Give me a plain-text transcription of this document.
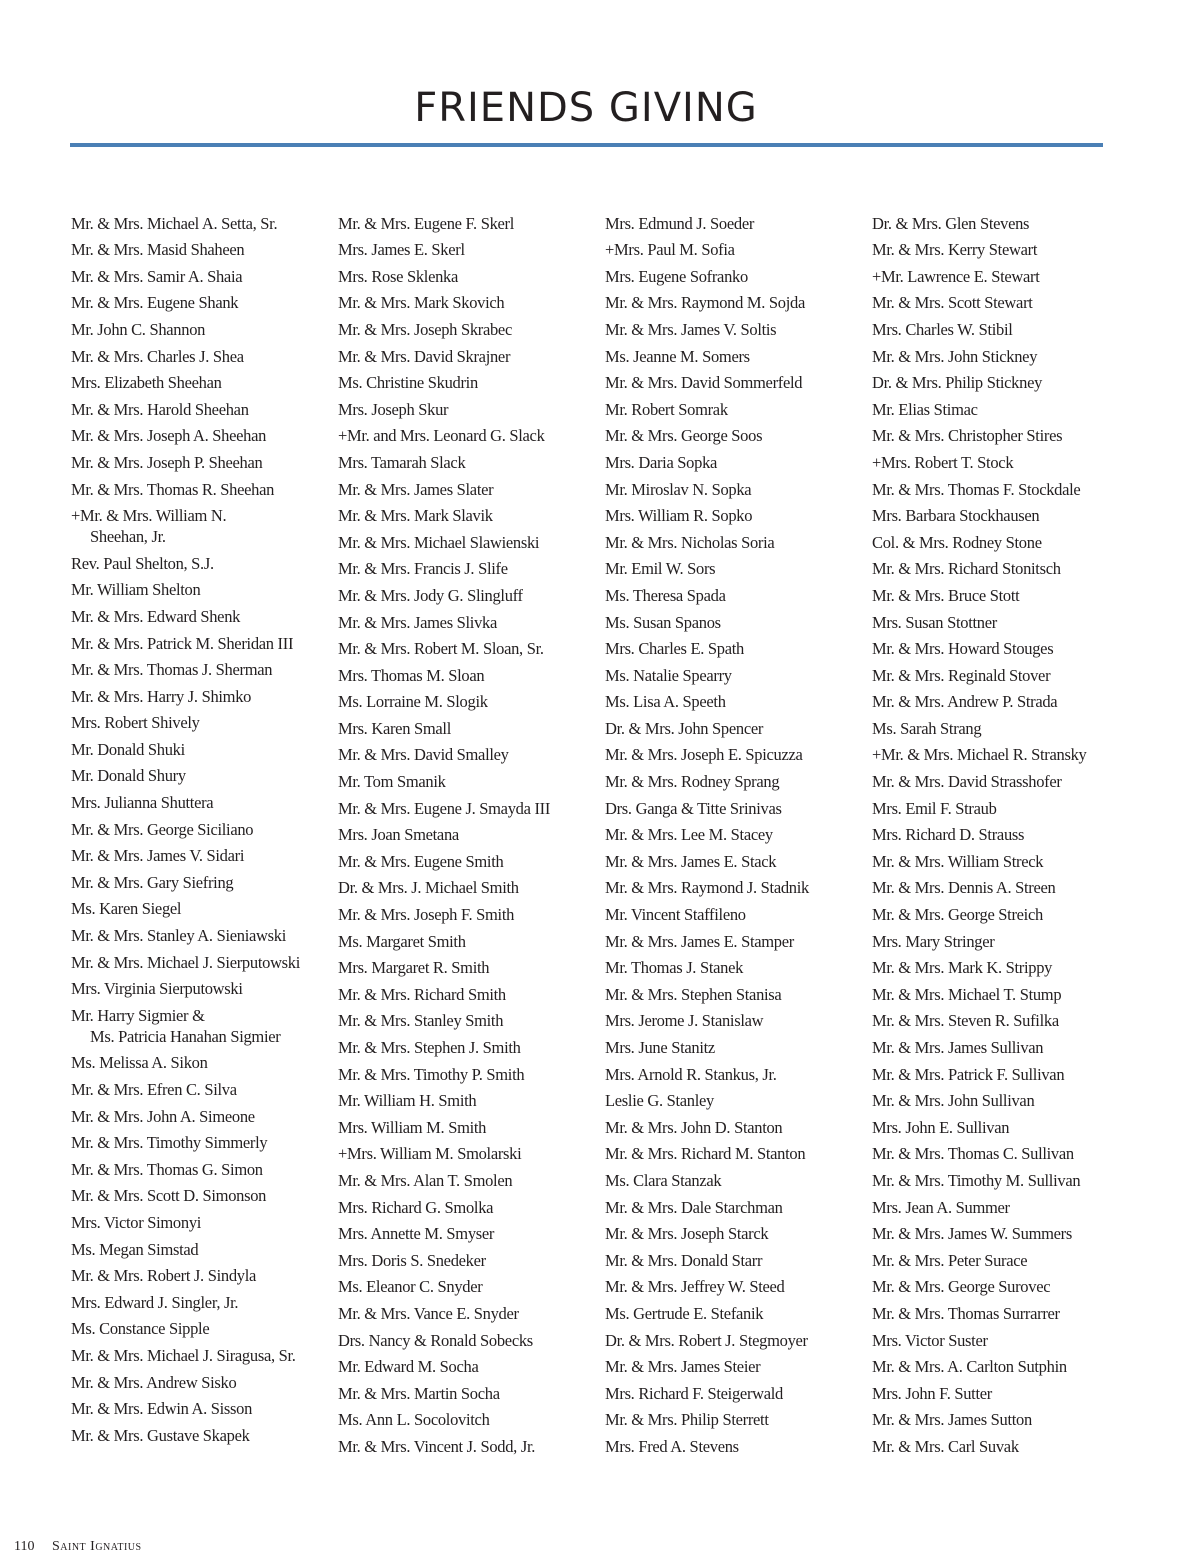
FRIENDS GIVING
Mr. & Mrs. Michael A. Setta, Sr.
Mr. & Mrs. Masid Shaheen
Mr. & Mrs. Samir A. Shaia
Mr. & Mrs. Eugene Shank
Mr. John C. Shannon
Mr. & Mrs. Charles J. Shea
Mrs. Elizabeth Sheehan
Mr. & Mrs. Harold Sheehan
Mr. & Mrs. Joseph A. Sheehan
Mr. & Mrs. Joseph P. Sheehan
Mr. & Mrs. Thomas R. Sheehan
+Mr. & Mrs. William N.
Sheehan, Jr.
Rev. Paul Shelton, S.J.
Mr. William Shelton
Mr. & Mrs. Edward Shenk
Mr. & Mrs. Patrick M. Sheridan III
Mr. & Mrs. Thomas J. Sherman
Mr. & Mrs. Harry J. Shimko
Mrs. Robert Shively
Mr. Donald Shuki
Mr. Donald Shury
Mrs. Julianna Shuttera
Mr. & Mrs. George Siciliano
Mr. & Mrs. James V. Sidari
Mr. & Mrs. Gary Siefring
Ms. Karen Siegel
Mr. & Mrs. Stanley A. Sieniawski
Mr. & Mrs. Michael J. Sierputowski
Mrs. Virginia Sierputowski
Mr. Harry Sigmier &
Ms. Patricia Hanahan Sigmier
Ms. Melissa A. Sikon
Mr. & Mrs. Efren C. Silva
Mr. & Mrs. John A. Simeone
Mr. & Mrs. Timothy Simmerly
Mr. & Mrs. Thomas G. Simon
Mr. & Mrs. Scott D. Simonson
Mrs. Victor Simonyi
Ms. Megan Simstad
Mr. & Mrs. Robert J. Sindyla
Mrs. Edward J. Singler, Jr.
Ms. Constance Sipple
Mr. & Mrs. Michael J. Siragusa, Sr.
Mr. & Mrs. Andrew Sisko
Mr. & Mrs. Edwin A. Sisson
Mr. & Mrs. Gustave Skapek
Mr. & Mrs. Eugene F. Skerl
Mrs. James E. Skerl
Mrs. Rose Sklenka
Mr. & Mrs. Mark Skovich
Mr. & Mrs. Joseph Skrabec
Mr. & Mrs. David Skrajner
Ms. Christine Skudrin
Mrs. Joseph Skur
+Mr. and Mrs. Leonard G. Slack
Mrs. Tamarah Slack
Mr. & Mrs. James Slater
Mr. & Mrs. Mark Slavik
Mr. & Mrs. Michael Slawienski
Mr. & Mrs. Francis J. Slife
Mr. & Mrs. Jody G. Slingluff
Mr. & Mrs. James Slivka
Mr. & Mrs. Robert M. Sloan, Sr.
Mrs. Thomas M. Sloan
Ms. Lorraine M. Slogik
Mrs. Karen Small
Mr. & Mrs. David Smalley
Mr. Tom Smanik
Mr. & Mrs. Eugene J. Smayda III
Mrs. Joan Smetana
Mr. & Mrs. Eugene Smith
Dr. & Mrs. J. Michael Smith
Mr. & Mrs. Joseph F. Smith
Ms. Margaret Smith
Mrs. Margaret R. Smith
Mr. & Mrs. Richard Smith
Mr. & Mrs. Stanley Smith
Mr. & Mrs. Stephen J. Smith
Mr. & Mrs. Timothy P. Smith
Mr. William H. Smith
Mrs. William M. Smith
+Mrs. William M. Smolarski
Mr. & Mrs. Alan T. Smolen
Mrs. Richard G. Smolka
Mrs. Annette M. Smyser
Mrs. Doris S. Snedeker
Ms. Eleanor C. Snyder
Mr. & Mrs. Vance E. Snyder
Drs. Nancy & Ronald Sobecks
Mr. Edward M. Socha
Mr. & Mrs. Martin Socha
Ms. Ann L. Socolovitch
Mr. & Mrs. Vincent J. Sodd, Jr.
Mrs. Edmund J. Soeder
+Mrs. Paul M. Sofia
Mrs. Eugene Sofranko
Mr. & Mrs. Raymond M. Sojda
Mr. & Mrs. James V. Soltis
Ms. Jeanne M. Somers
Mr. & Mrs. David Sommerfeld
Mr. Robert Somrak
Mr. & Mrs. George Soos
Mrs. Daria Sopka
Mr. Miroslav N. Sopka
Mrs. William R. Sopko
Mr. & Mrs. Nicholas Soria
Mr. Emil W. Sors
Ms. Theresa Spada
Ms. Susan Spanos
Mrs. Charles E. Spath
Ms. Natalie Spearry
Ms. Lisa A. Speeth
Dr. & Mrs. John Spencer
Mr. & Mrs. Joseph E. Spicuzza
Mr. & Mrs. Rodney Sprang
Drs. Ganga & Titte Srinivas
Mr. & Mrs. Lee M. Stacey
Mr. & Mrs. James E. Stack
Mr. & Mrs. Raymond J. Stadnik
Mr. Vincent Staffileno
Mr. & Mrs. James E. Stamper
Mr. Thomas J. Stanek
Mr. & Mrs. Stephen Stanisa
Mrs. Jerome J. Stanislaw
Mrs. June Stanitz
Mrs. Arnold R. Stankus, Jr.
Leslie G. Stanley
Mr. & Mrs. John D. Stanton
Mr. & Mrs. Richard M. Stanton
Ms. Clara Stanzak
Mr. & Mrs. Dale Starchman
Mr. & Mrs. Joseph Starck
Mr. & Mrs. Donald Starr
Mr. & Mrs. Jeffrey W. Steed
Ms. Gertrude E. Stefanik
Dr. & Mrs. Robert J. Stegmoyer
Mr. & Mrs. James Steier
Mrs. Richard F. Steigerwald
Mr. & Mrs. Philip Sterrett
Mrs. Fred A. Stevens
Dr. & Mrs. Glen Stevens
Mr. & Mrs. Kerry Stewart
+Mr. Lawrence E. Stewart
Mr. & Mrs. Scott Stewart
Mrs. Charles W. Stibil
Mr. & Mrs. John Stickney
Dr. & Mrs. Philip Stickney
Mr. Elias Stimac
Mr. & Mrs. Christopher Stires
+Mrs. Robert T. Stock
Mr. & Mrs. Thomas F. Stockdale
Mrs. Barbara Stockhausen
Col. & Mrs. Rodney Stone
Mr. & Mrs. Richard Stonitsch
Mr. & Mrs. Bruce Stott
Mrs. Susan Stottner
Mr. & Mrs. Howard Stouges
Mr. & Mrs. Reginald Stover
Mr. & Mrs. Andrew P. Strada
Ms. Sarah Strang
+Mr. & Mrs. Michael R. Stransky
Mr. & Mrs. David Strasshofer
Mrs. Emil F. Straub
Mrs. Richard D. Strauss
Mr. & Mrs. William Streck
Mr. & Mrs. Dennis A. Streen
Mr. & Mrs. George Streich
Mrs. Mary Stringer
Mr. & Mrs. Mark K. Strippy
Mr. & Mrs. Michael T. Stump
Mr. & Mrs. Steven R. Sufilka
Mr. & Mrs. James Sullivan
Mr. & Mrs. Patrick F. Sullivan
Mr. & Mrs. John Sullivan
Mrs. John E. Sullivan
Mr. & Mrs. Thomas C. Sullivan
Mr. & Mrs. Timothy M. Sullivan
Mrs. Jean A. Summer
Mr. & Mrs. James W. Summers
Mr. & Mrs. Peter Surace
Mr. & Mrs. George Surovec
Mr. & Mrs. Thomas Surrarrer
Mrs. Victor Suster
Mr. & Mrs. A. Carlton Sutphin
Mrs. John F. Sutter
Mr. & Mrs. James Sutton
Mr. & Mrs. Carl Suvak
110 Saint Ignatius
